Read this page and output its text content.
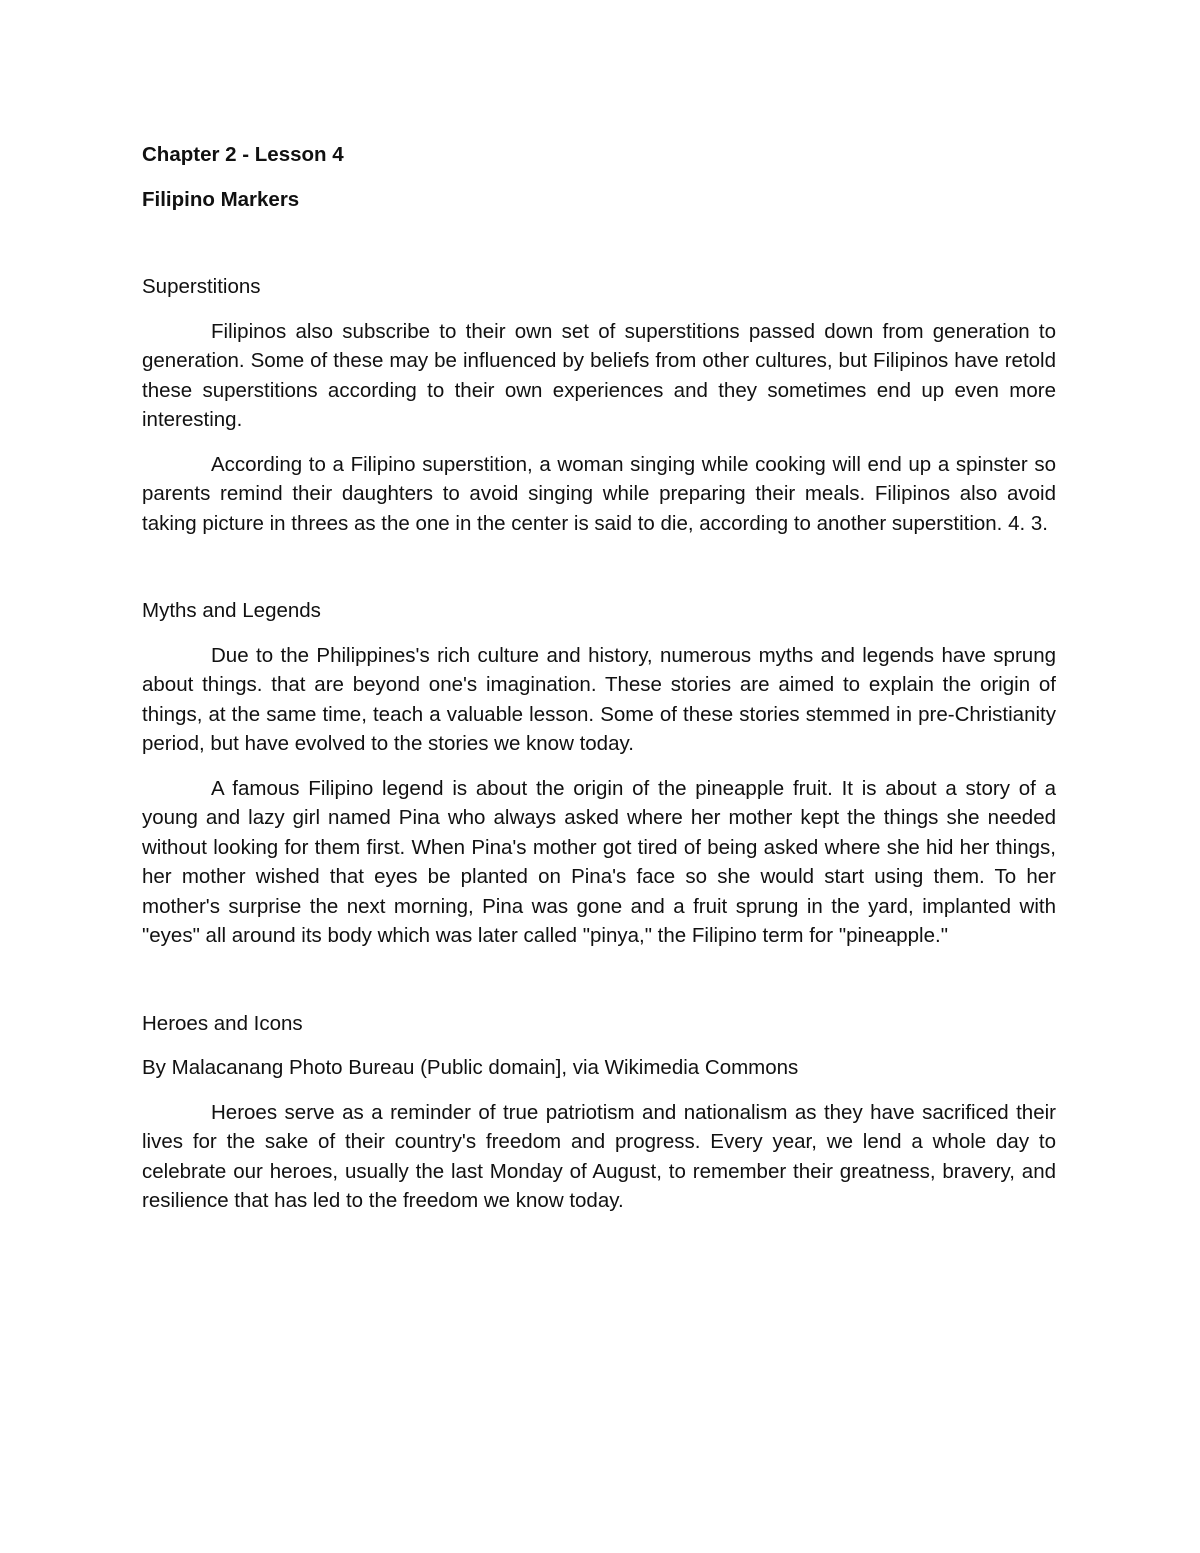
Chapter 2 - Lesson 4

Filipino Markers

Superstitions

Filipinos also subscribe to their own set of superstitions passed down from generation to generation. Some of these may be influenced by beliefs from other cultures, but Filipinos have retold these superstitions according to their own experiences and they sometimes end up even more interesting.

According to a Filipino superstition, a woman singing while cooking will end up a spinster so parents remind their daughters to avoid singing while preparing their meals. Filipinos also avoid taking picture in threes as the one in the center is said to die, according to another superstition. 4. 3.

Myths and Legends

Due to the Philippines's rich culture and history, numerous myths and legends have sprung about things. that are beyond one's imagination. These stories are aimed to explain the origin of things, at the same time, teach a valuable lesson. Some of these stories stemmed in pre-Christianity period, but have evolved to the stories we know today.

A famous Filipino legend is about the origin of the pineapple fruit. It is about a story of a young and lazy girl named Pina who always asked where her mother kept the things she needed without looking for them first. When Pina's mother got tired of being asked where she hid her things, her mother wished that eyes be planted on Pina's face so she would start using them. To her mother's surprise the next morning, Pina was gone and a fruit sprung in the yard, implanted with "eyes" all around its body which was later called "pinya," the Filipino term for "pineapple."

Heroes and Icons

By Malacanang Photo Bureau (Public domain], via Wikimedia Commons

Heroes serve as a reminder of true patriotism and nationalism as they have sacrificed their lives for the sake of their country's freedom and progress. Every year, we lend a whole day to celebrate our heroes, usually the last Monday of August, to remember their greatness, bravery, and resilience that has led to the freedom we know today.
